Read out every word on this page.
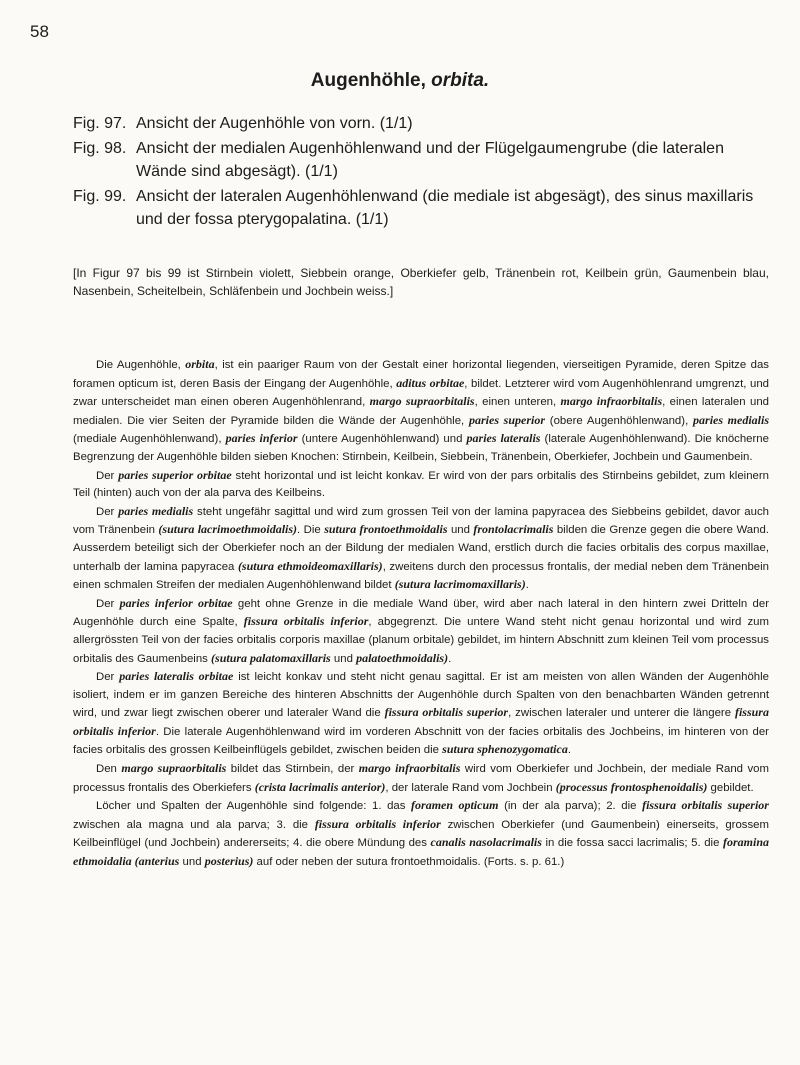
58
Augenhöhle, orbita.
Fig. 97. Ansicht der Augenhöhle von vorn. (1/1)
Fig. 98. Ansicht der medialen Augenhöhlenwand und der Flügelgaumengrube (die lateralen Wände sind abgesägt). (1/1)
Fig. 99. Ansicht der lateralen Augenhöhlenwand (die mediale ist abgesägt), des sinus maxillaris und der fossa pterygopalatina. (1/1)
[In Figur 97 bis 99 ist Stirnbein violett, Siebbein orange, Oberkiefer gelb, Tränenbein rot, Keilbein grün, Gaumenbein blau, Nasenbein, Scheitelbein, Schläfenbein und Jochbein weiss.]

Die Augenhöhle, orbita, ist ein paariger Raum von der Gestalt einer horizontal liegenden, vierseitigen Pyramide, deren Spitze das foramen opticum ist, deren Basis der Eingang der Augenhöhle, aditus orbitae, bildet. Letzterer wird vom Augenhöhlenrand umgrenzt, und zwar unterscheidet man einen oberen Augenhöhlenrand, margo supraorbitalis, einen unteren, margo infraorbitalis, einen lateralen und medialen. Die vier Seiten der Pyramide bilden die Wände der Augenhöhle, paries superior (obere Augenhöhlenwand), paries medialis (mediale Augenhöhlenwand), paries inferior (untere Augenhöhlenwand) und paries lateralis (laterale Augenhöhlenwand). Die knöcherne Begrenzung der Augenhöhle bilden sieben Knochen: Stirnbein, Keilbein, Siebbein, Tränenbein, Oberkiefer, Jochbein und Gaumenbein.

Der paries superior orbitae steht horizontal und ist leicht konkav. Er wird von der pars orbitalis des Stirnbeins gebildet, zum kleinern Teil (hinten) auch von der ala parva des Keilbeins.

Der paries medialis steht ungefähr sagittal und wird zum grossen Teil von der lamina papyracea des Siebbeins gebildet, davor auch vom Tränenbein (sutura lacrimoethmoidalis). Die sutura frontoethmoidalis und frontolacrimalis bilden die Grenze gegen die obere Wand. Ausserdem beteiligt sich der Oberkiefer noch an der Bildung der medialen Wand, erstlich durch die facies orbitalis des corpus maxillae, unterhalb der lamina papyracea (sutura ethmoideomaxillaris), zweitens durch den processus frontalis, der medial neben dem Tränenbein einen schmalen Streifen der medialen Augenhöhlenwand bildet (sutura lacrimomaxillaris).

Der paries inferior orbitae geht ohne Grenze in die mediale Wand über, wird aber nach lateral in den hintern zwei Dritteln der Augenhöhle durch eine Spalte, fissura orbitalis inferior, abgegrenzt. Die untere Wand steht nicht genau horizontal und wird zum allergrössten Teil von der facies orbitalis corporis maxillae (planum orbitale) gebildet, im hintern Abschnitt zum kleinen Teil vom processus orbitalis des Gaumenbeins (sutura palatomaxillaris und palatoethmoidalis).

Der paries lateralis orbitae ist leicht konkav und steht nicht genau sagittal. Er ist am meisten von allen Wänden der Augenhöhle isoliert, indem er im ganzen Bereiche des hinteren Abschnitts der Augenhöhle durch Spalten von den benachbarten Wänden getrennt wird, und zwar liegt zwischen oberer und lateraler Wand die fissura orbitalis superior, zwischen lateraler und unterer die längere fissura orbitalis inferior. Die laterale Augenhöhlenwand wird im vorderen Abschnitt von der facies orbitalis des Jochbeins, im hinteren von der facies orbitalis des grossen Keilbeinflügels gebildet, zwischen beiden die sutura sphenozygomatica.

Den margo supraorbitalis bildet das Stirnbein, der margo infraorbitalis wird vom Oberkiefer und Jochbein, der mediale Rand vom processus frontalis des Oberkiefers (crista lacrimalis anterior), der laterale Rand vom Jochbein (processus frontosphenoidalis) gebildet.

Löcher und Spalten der Augenhöhle sind folgende: 1. das foramen opticum (in der ala parva); 2. die fissura orbitalis superior zwischen ala magna und ala parva; 3. die fissura orbitalis inferior zwischen Oberkiefer (und Gaumenbein) einerseits, grossem Keilbeinflügel (und Jochbein) andererseits; 4. die obere Mündung des canalis nasolacrimalis in die fossa sacci lacrimalis; 5. die foramina ethmoidalia (anterius und posterius) auf oder neben der sutura frontoethmoidalis. (Forts. s. p. 61.)
